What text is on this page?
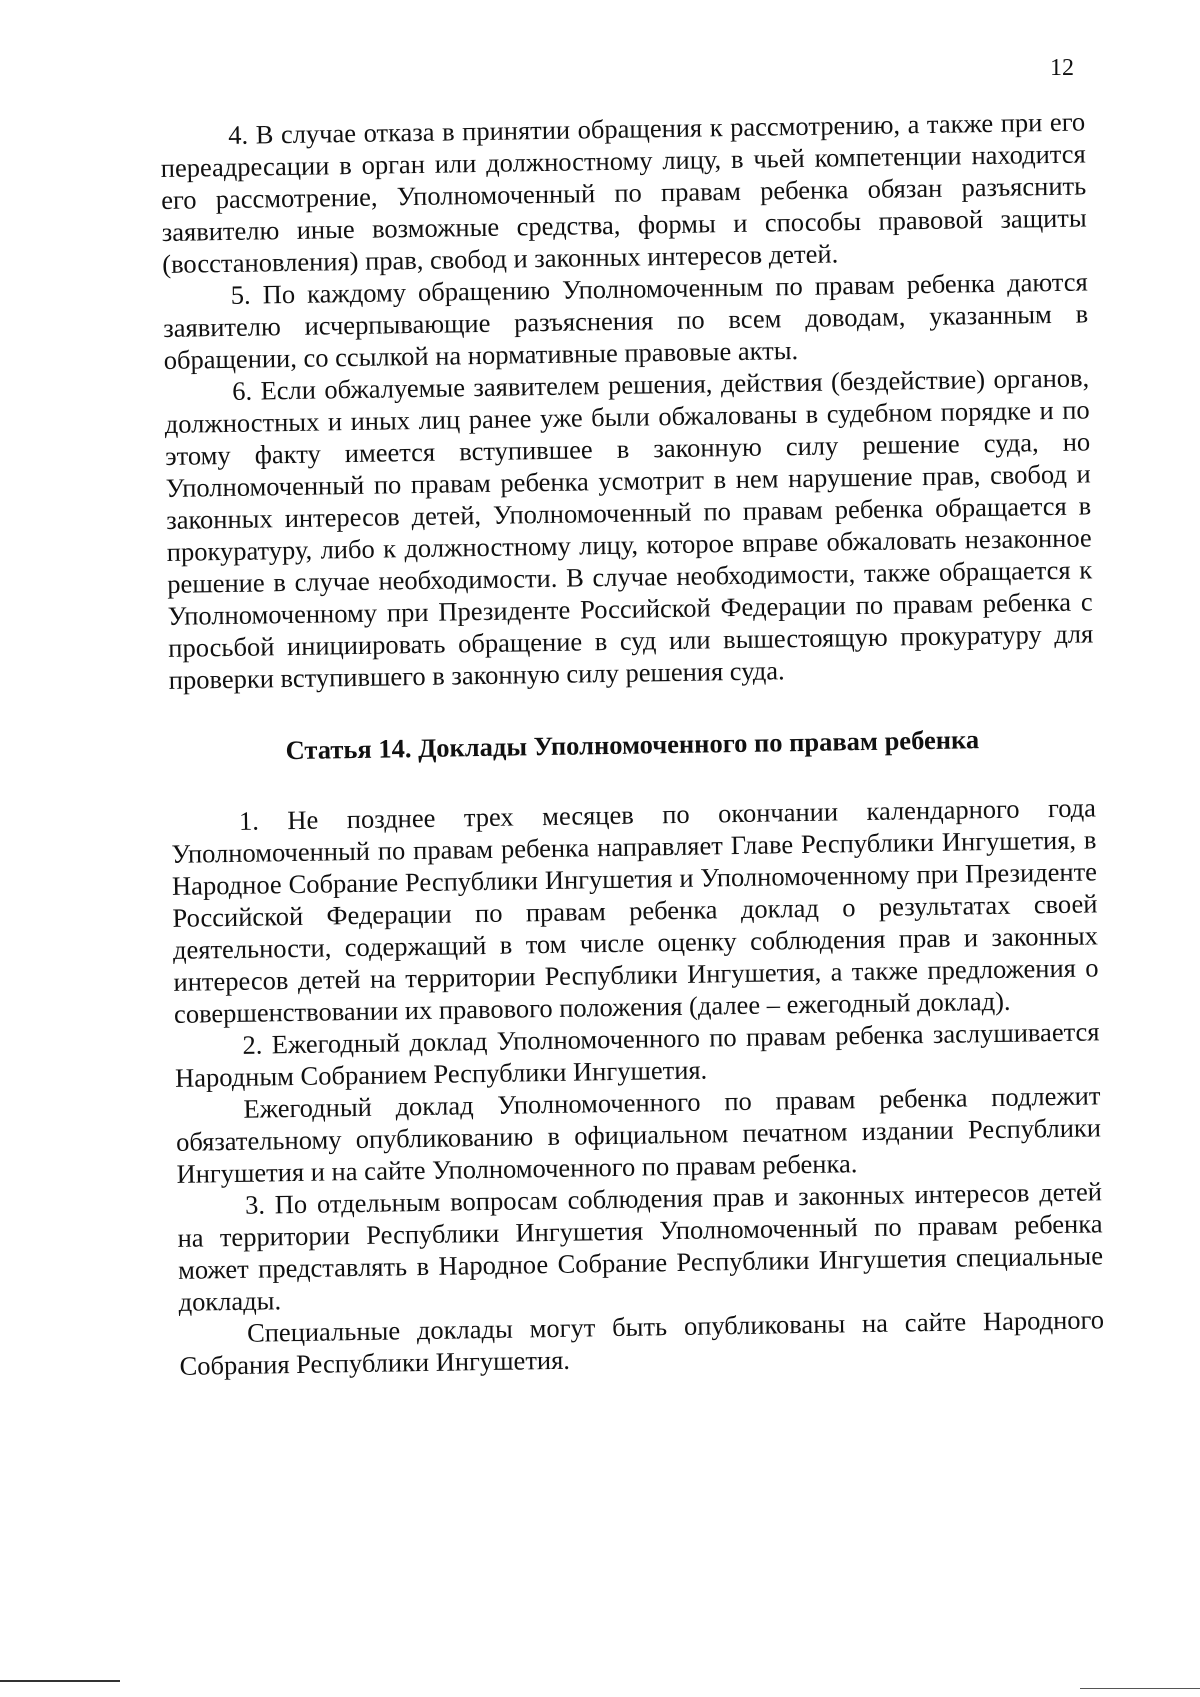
12

4. В случае отказа в принятии обращения к рассмотрению, а также при его переадресации в орган или должностному лицу, в чьей компетенции находится его рассмотрение, Уполномоченный по правам ребенка обязан разъяснить заявителю иные возможные средства, формы и способы правовой защиты (восстановления) прав, свобод и законных интересов детей.

5. По каждому обращению Уполномоченным по правам ребенка даются заявителю исчерпывающие разъяснения по всем доводам, указанным в обращении, со ссылкой на нормативные правовые акты.

6. Если обжалуемые заявителем решения, действия (бездействие) органов, должностных и иных лиц ранее уже были обжалованы в судебном порядке и по этому факту имеется вступившее в законную силу решение суда, но Уполномоченный по правам ребенка усмотрит в нем нарушение прав, свобод и законных интересов детей, Уполномоченный по правам ребенка обращается в прокуратуру, либо к должностному лицу, которое вправе обжаловать незаконное решение в случае необходимости. В случае необходимости, также обращается к Уполномоченному при Президенте Российской Федерации по правам ребенка с просьбой инициировать обращение в суд или вышестоящую прокуратуру для проверки вступившего в законную силу решения суда.

Статья 14. Доклады Уполномоченного по правам ребенка

1. Не позднее трех месяцев по окончании календарного года Уполномоченный по правам ребенка направляет Главе Республики Ингушетия, в Народное Собрание Республики Ингушетия и Уполномоченному при Президенте Российской Федерации по правам ребенка доклад о результатах своей деятельности, содержащий в том числе оценку соблюдения прав и законных интересов детей на территории Республики Ингушетия, а также предложения о совершенствовании их правового положения (далее – ежегодный доклад).

2. Ежегодный доклад Уполномоченного по правам ребенка заслушивается Народным Собранием Республики Ингушетия.

Ежегодный доклад Уполномоченного по правам ребенка подлежит обязательному опубликованию в официальном печатном издании Республики Ингушетия и на сайте Уполномоченного по правам ребенка.

3. По отдельным вопросам соблюдения прав и законных интересов детей на территории Республики Ингушетия Уполномоченный по правам ребенка может представлять в Народное Собрание Республики Ингушетия специальные доклады.

Специальные доклады могут быть опубликованы на сайте Народного Собрания Республики Ингушетия.
